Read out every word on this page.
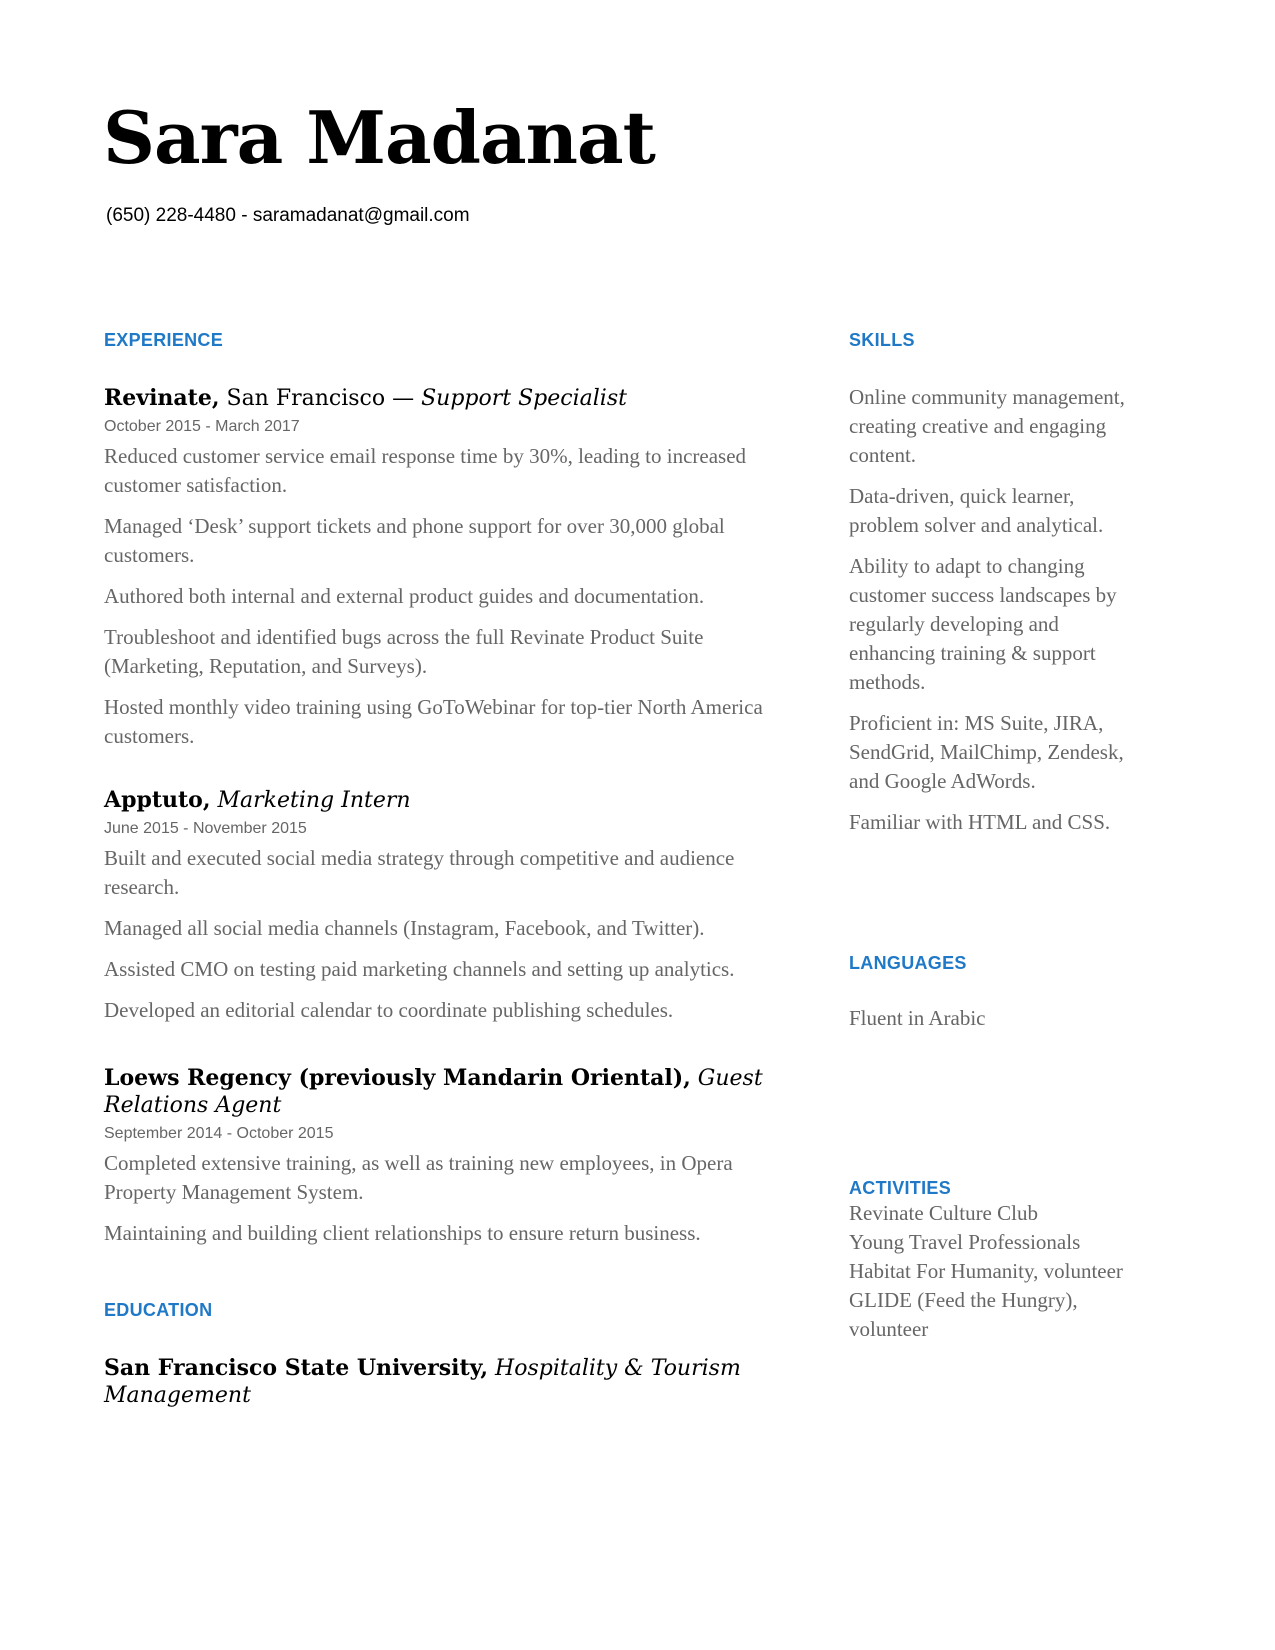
Sara Madanat
(650) 228-4480 - saramadanat@gmail.com
EXPERIENCE

Revinate, San Francisco — Support Specialist

October 2015 - March 2017

Reduced customer service email response time by 30%, leading to increased customer satisfaction.

Managed ‘Desk’ support tickets and phone support for over 30,000 global customers.

Authored both internal and external product guides and documentation.

Troubleshoot and identified bugs across the full Revinate Product Suite (Marketing, Reputation, and Surveys).

Hosted monthly video training using GoToWebinar for top-tier North America customers.

Apptuto, Marketing Intern

June 2015 - November 2015

Built and executed social media strategy through competitive and audience research.

Managed all social media channels (Instagram, Facebook, and Twitter).

Assisted CMO on testing paid marketing channels and setting up analytics.

Developed an editorial calendar to coordinate publishing schedules.

Loews Regency (previously Mandarin Oriental), Guest Relations Agent

September 2014 - October 2015

Completed extensive training, as well as training new employees, in Opera Property Management System.

Maintaining and building client relationships to ensure return business.

EDUCATION

San Francisco State University, Hospitality & Tourism Management

SKILLS

Online community management, creating creative and engaging content.

Data-driven, quick learner, problem solver and analytical.

Ability to adapt to changing customer success landscapes by regularly developing and enhancing training & support methods.

Proficient in: MS Suite, JIRA, SendGrid, MailChimp, Zendesk, and Google AdWords.

Familiar with HTML and CSS.

LANGUAGES

Fluent in Arabic

ACTIVITIES

Revinate Culture Club

Young Travel Professionals

Habitat For Humanity, volunteer

GLIDE (Feed the Hungry), volunteer
